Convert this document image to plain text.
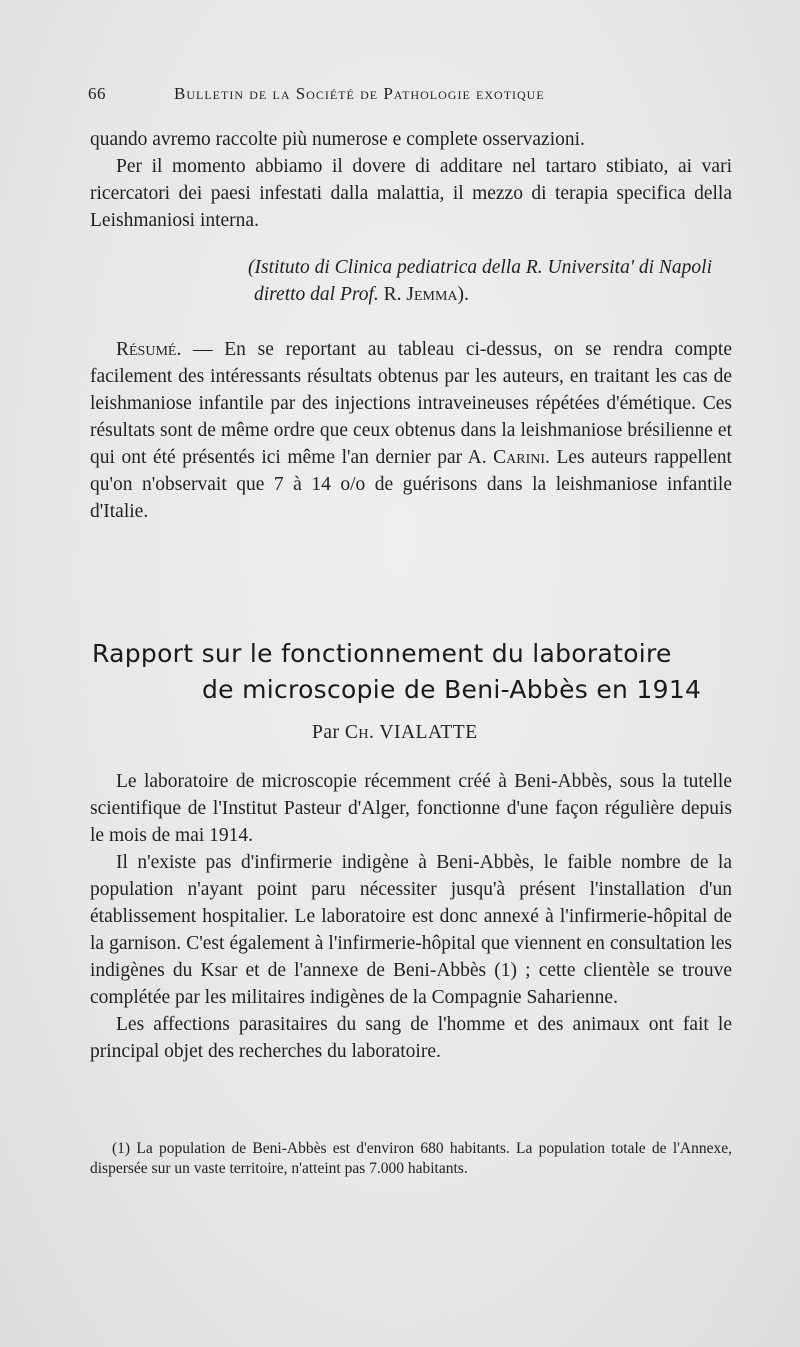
66	Bulletin de la Société de Pathologie exotique

quando avremo raccolte più numerose e complete osservazioni.

Per il momento abbiamo il dovere di additare nel tartaro stibiato, ai vari ricercatori dei paesi infestati dalla malattia, il mezzo di terapia specifica della Leishmaniosi interna.

(Istituto di Clinica pediatrica della R. Universita' di Napoli diretto dal Prof. R. Jemma).

Résumé. — En se reportant au tableau ci-dessus, on se rendra compte facilement des intéressants résultats obtenus par les auteurs, en traitant les cas de leishmaniose infantile par des injections intraveineuses répétées d'émétique. Ces résultats sont de même ordre que ceux obtenus dans la leishmaniose brésilienne et qui ont été présentés ici même l'an dernier par A. Carini. Les auteurs rappellent qu'on n'observait que 7 à 14 o/o de guérisons dans la leishmaniose infantile d'Italie.

Rapport sur le fonctionnement du laboratoire
de microscopie de Beni-Abbès en 1914
Par Ch. VIALATTE

Le laboratoire de microscopie récemment créé à Beni-Abbès, sous la tutelle scientifique de l'Institut Pasteur d'Alger, fonctionne d'une façon régulière depuis le mois de mai 1914.

Il n'existe pas d'infirmerie indigène à Beni-Abbès, le faible nombre de la population n'ayant point paru nécessiter jusqu'à présent l'installation d'un établissement hospitalier. Le laboratoire est donc annexé à l'infirmerie-hôpital de la garnison. C'est également à l'infirmerie-hôpital que viennent en consultation les indigènes du Ksar et de l'annexe de Beni-Abbès (1) ; cette clientèle se trouve complétée par les militaires indigènes de la Compagnie Saharienne.

Les affections parasitaires du sang de l'homme et des animaux ont fait le principal objet des recherches du laboratoire.

(1) La population de Beni-Abbès est d'environ 680 habitants. La population totale de l'Annexe, dispersée sur un vaste territoire, n'atteint pas 7.000 habitants.
